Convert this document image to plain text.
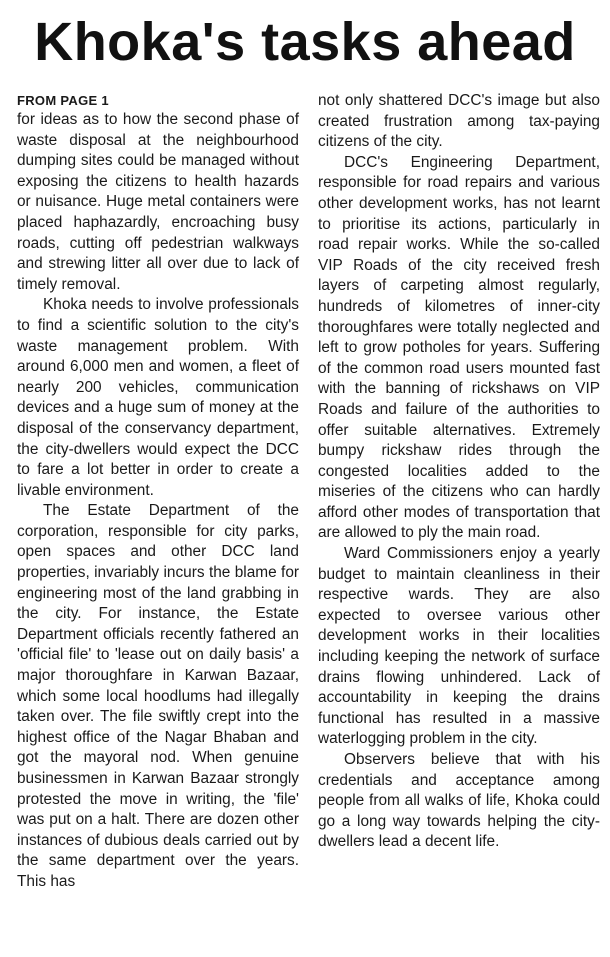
Khoka's tasks ahead
FROM PAGE 1

for ideas as to how the second phase of waste disposal at the neighbourhood dumping sites could be managed without exposing the citizens to health hazards or nuisance. Huge metal containers were placed haphazardly, encroaching busy roads, cutting off pedestrian walkways and strewing litter all over due to lack of timely removal.

Khoka needs to involve professionals to find a scientific solution to the city's waste management problem. With around 6,000 men and women, a fleet of nearly 200 vehicles, communication devices and a huge sum of money at the disposal of the conservancy department, the city-dwellers would expect the DCC to fare a lot better in order to create a livable environment.

The Estate Department of the corporation, responsible for city parks, open spaces and other DCC land properties, invariably incurs the blame for engineering most of the land grabbing in the city. For instance, the Estate Department officials recently fathered an 'official file' to 'lease out on daily basis' a major thoroughfare in Karwan Bazaar, which some local hoodlums had illegally taken over. The file swiftly crept into the highest office of the Nagar Bhaban and got the mayoral nod. When genuine businessmen in Karwan Bazaar strongly protested the move in writing, the 'file' was put on a halt. There are dozen other instances of dubious deals carried out by the same department over the years. This has

not only shattered DCC's image but also created frustration among tax-paying citizens of the city.

DCC's Engineering Department, responsible for road repairs and various other development works, has not learnt to prioritise its actions, particularly in road repair works. While the so-called VIP Roads of the city received fresh layers of carpeting almost regularly, hundreds of kilometres of inner-city thoroughfares were totally neglected and left to grow potholes for years. Suffering of the common road users mounted fast with the banning of rickshaws on VIP Roads and failure of the authorities to offer suitable alternatives. Extremely bumpy rickshaw rides through the congested localities added to the miseries of the citizens who can hardly afford other modes of transportation that are allowed to ply the main road.

Ward Commissioners enjoy a yearly budget to maintain cleanliness in their respective wards. They are also expected to oversee various other development works in their localities including keeping the network of surface drains flowing unhindered. Lack of accountability in keeping the drains functional has resulted in a massive waterlogging problem in the city.

Observers believe that with his credentials and acceptance among people from all walks of life, Khoka could go a long way towards helping the city-dwellers lead a decent life.
